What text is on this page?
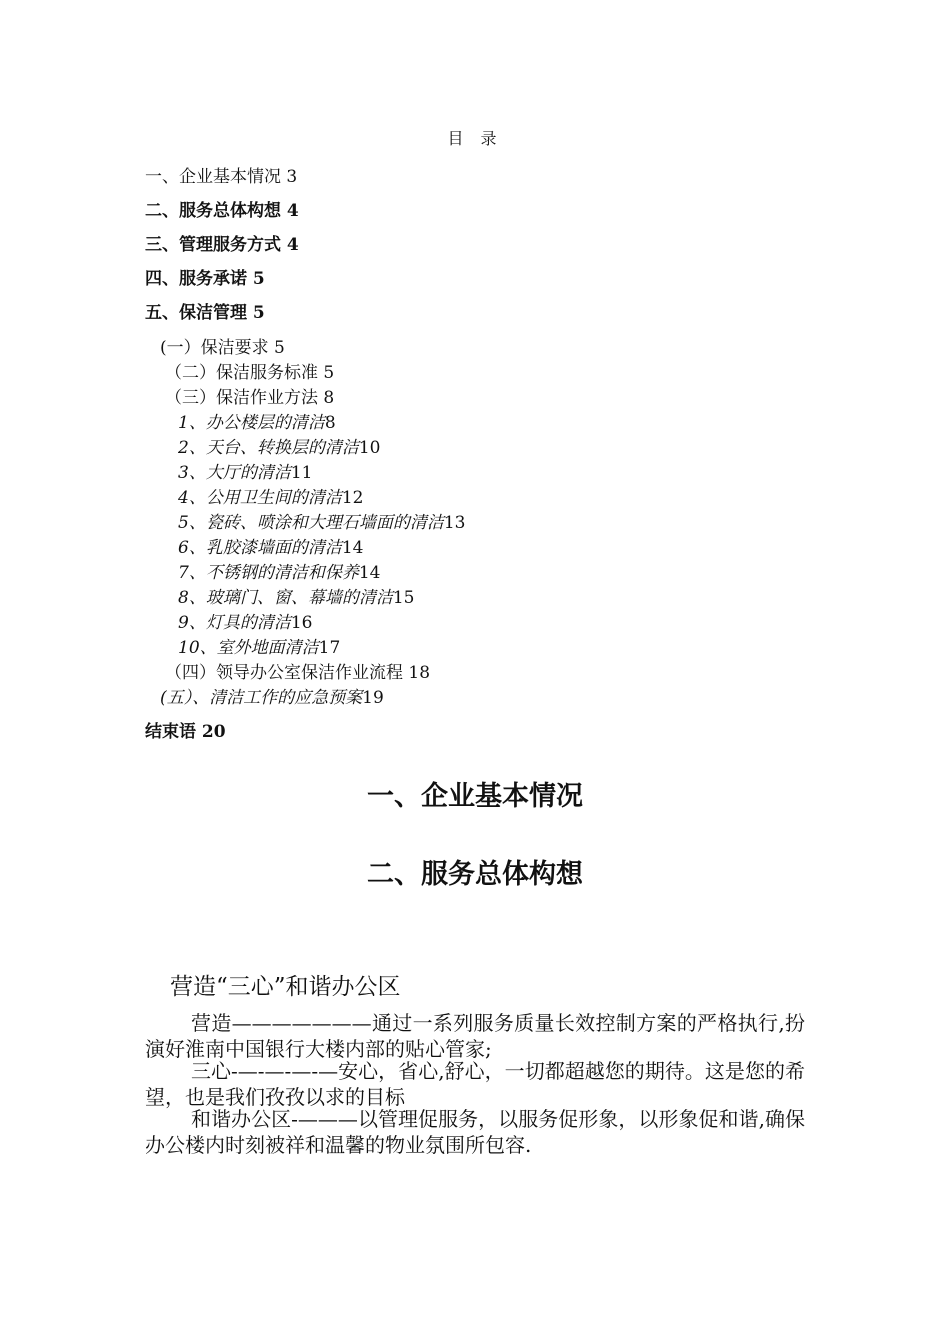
目 录
一、企业基本情况 3
二、服务总体构想 4
三、管理服务方式 4
四、服务承诺 5
五、保洁管理 5
(一）保洁要求 5
（二）保洁服务标准 5
（三）保洁作业方法 8
1、办公楼层的清洁8
2、天台、转换层的清洁10
3、大厅的清洁11
4、公用卫生间的清洁12
5、瓷砖、喷涂和大理石墙面的清洁13
6、乳胶漆墙面的清洁14
7、不锈钢的清洁和保养14
8、玻璃门、窗、幕墙的清洁15
9、灯具的清洁16
10、室外地面清洁17
（四）领导办公室保洁作业流程 18
(五）、清洁工作的应急预案19
结束语 20
一、企业基本情况
二、服务总体构想
营造“三心”和谐办公区

营造———————通过一系列服务质量长效控制方案的严格执行,扮演好淮南中国银行大楼内部的贴心管家;

三心-—-—-—-—安心，省心,舒心，一切都超越您的期待。这是您的希望，也是我们孜孜以求的目标

和谐办公区-———以管理促服务，以服务促形象，以形象促和谐,确保办公楼内时刻被祥和温馨的物业氛围所包容.
